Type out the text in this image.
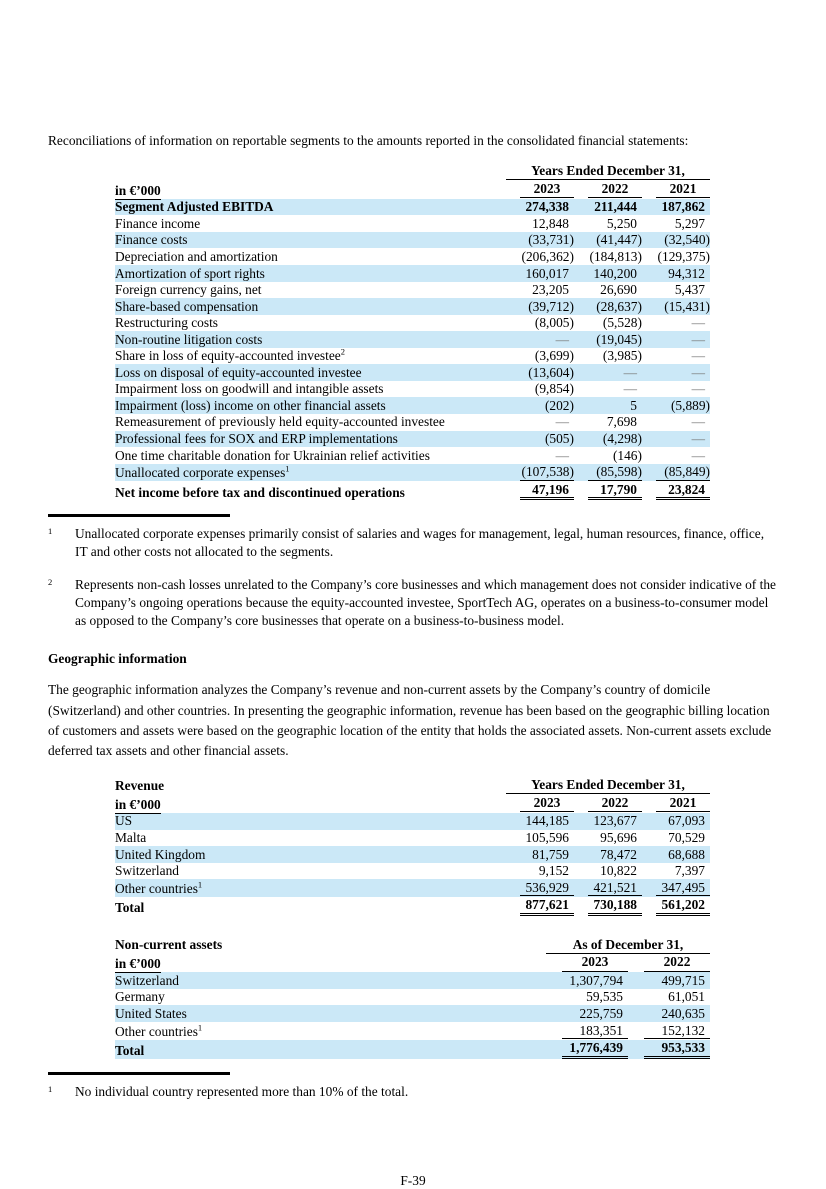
Reconciliations of information on reportable segments to the amounts reported in the consolidated financial statements:

	Years Ended December 31,		
in €’000	2023	2022	2021
Segment Adjusted EBITDA	274,338	211,444	187,862
Finance income	12,848	5,250	5,297
Finance costs	(33,731)	(41,447)	(32,540)
Depreciation and amortization	(206,362)	(184,813)	(129,375)
Amortization of sport rights	160,017	140,200	94,312
Foreign currency gains, net	23,205	26,690	5,437
Share-based compensation	(39,712)	(28,637)	(15,431)
Restructuring costs	(8,005)	(5,528)	—
Non-routine litigation costs	—	(19,045)	—
Share in loss of equity-accounted investee$^2$	(3,699)	(3,985)	—
Loss on disposal of equity-accounted investee	(13,604)	—	—
Impairment loss on goodwill and intangible assets	(9,854)	—	—
Impairment (loss) income on other financial assets	(202)	5	(5,889)
Remeasurement of previously held equity-accounted investee	—	7,698	—
Professional fees for SOX and ERP implementations	(505)	(4,298)	—
One time charitable donation for Ukrainian relief activities	—	(146)	—
Unallocated corporate expenses$^1$	(107,538)	(85,598)	(85,849)
Net income before tax and discontinued operations	47,196	17,790	23,824
1	Unallocated corporate expenses primarily consist of salaries and wages for management, legal, human resources, finance, office, IT and other costs not allocated to the segments.
2	Represents non-cash losses unrelated to the Company’s core businesses and which management does not consider indicative of the Company’s ongoing operations because the equity-accounted investee, SportTech AG, operates on a business-to-consumer model as opposed to the Company’s core businesses that operate on a business-to-business model.
Geographic information

The geographic information analyzes the Company’s revenue and non-current assets by the Company’s country of domicile (Switzerland) and other countries. In presenting the geographic information, revenue has been based on the geographic billing location of customers and assets were based on the geographic location of the entity that holds the associated assets. Non-current assets exclude deferred tax assets and other financial assets.

Revenue	Years Ended December 31,		
in €’000	2023	2022	2021
US	144,185	123,677	67,093
Malta	105,596	95,696	70,529
United Kingdom	81,759	78,472	68,688
Switzerland	9,152	10,822	7,397
Other countries$^1$	536,929	421,521	347,495
Total	877,621	730,188	561,202
Non-current assets	As of December 31,	
in €’000	2023	2022
Switzerland	1,307,794	499,715
Germany	59,535	61,051
United States	225,759	240,635
Other countries$^1$	183,351	152,132
Total	1,776,439	953,533
1	No individual country represented more than 10% of the total.
F-39
